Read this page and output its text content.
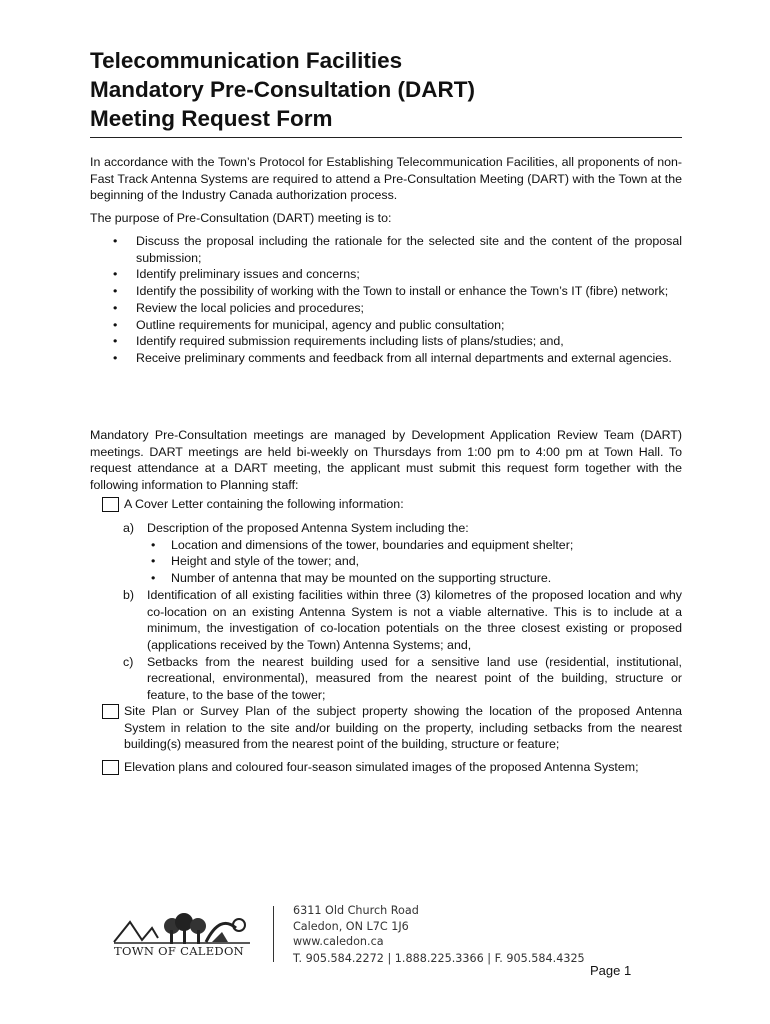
Telecommunication Facilities
Mandatory Pre-Consultation (DART)
Meeting Request Form

In accordance with the Town’s Protocol for Establishing Telecommunication Facilities, all proponents of non-Fast Track Antenna Systems are required to attend a Pre-Consultation Meeting (DART) with the Town at the beginning of the Industry Canada authorization process.

The purpose of Pre-Consultation (DART) meeting is to:

• Discuss the proposal including the rationale for the selected site and the content of the proposal submission;
• Identify preliminary issues and concerns;
• Identify the possibility of working with the Town to install or enhance the Town’s IT (fibre) network;
• Review the local policies and procedures;
• Outline requirements for municipal, agency and public consultation;
• Identify required submission requirements including lists of plans/studies; and,
• Receive preliminary comments and feedback from all internal departments and external agencies.

Mandatory Pre-Consultation meetings are managed by Development Application Review Team (DART) meetings. DART meetings are held bi-weekly on Thursdays from 1:00 pm to 4:00 pm at Town Hall. To request attendance at a DART meeting, the applicant must submit this request form together with the following information to Planning staff:

A Cover Letter containing the following information:
a) Description of the proposed Antenna System including the:
• Location and dimensions of the tower, boundaries and equipment shelter;
• Height and style of the tower; and,
• Number of antenna that may be mounted on the supporting structure.
b) Identification of all existing facilities within three (3) kilometres of the proposed location and why co-location on an existing Antenna System is not a viable alternative. This is to include at a minimum, the investigation of co-location potentials on the three closest existing or proposed (applications received by the Town) Antenna Systems; and,
c) Setbacks from the nearest building used for a sensitive land use (residential, institutional, recreational, environmental), measured from the nearest point of the building, structure or feature, to the base of the tower;
Site Plan or Survey Plan of the subject property showing the location of the proposed Antenna System in relation to the site and/or building on the property, including setbacks from the nearest building(s) measured from the nearest point of the building, structure or feature;
Elevation plans and coloured four-season simulated images of the proposed Antenna System;
TOWN OF CALEDON
6311 Old Church Road
Caledon, ON L7C 1J6
www.caledon.ca
T. 905.584.2272 | 1.888.225.3366 | F. 905.584.4325
Page 1
